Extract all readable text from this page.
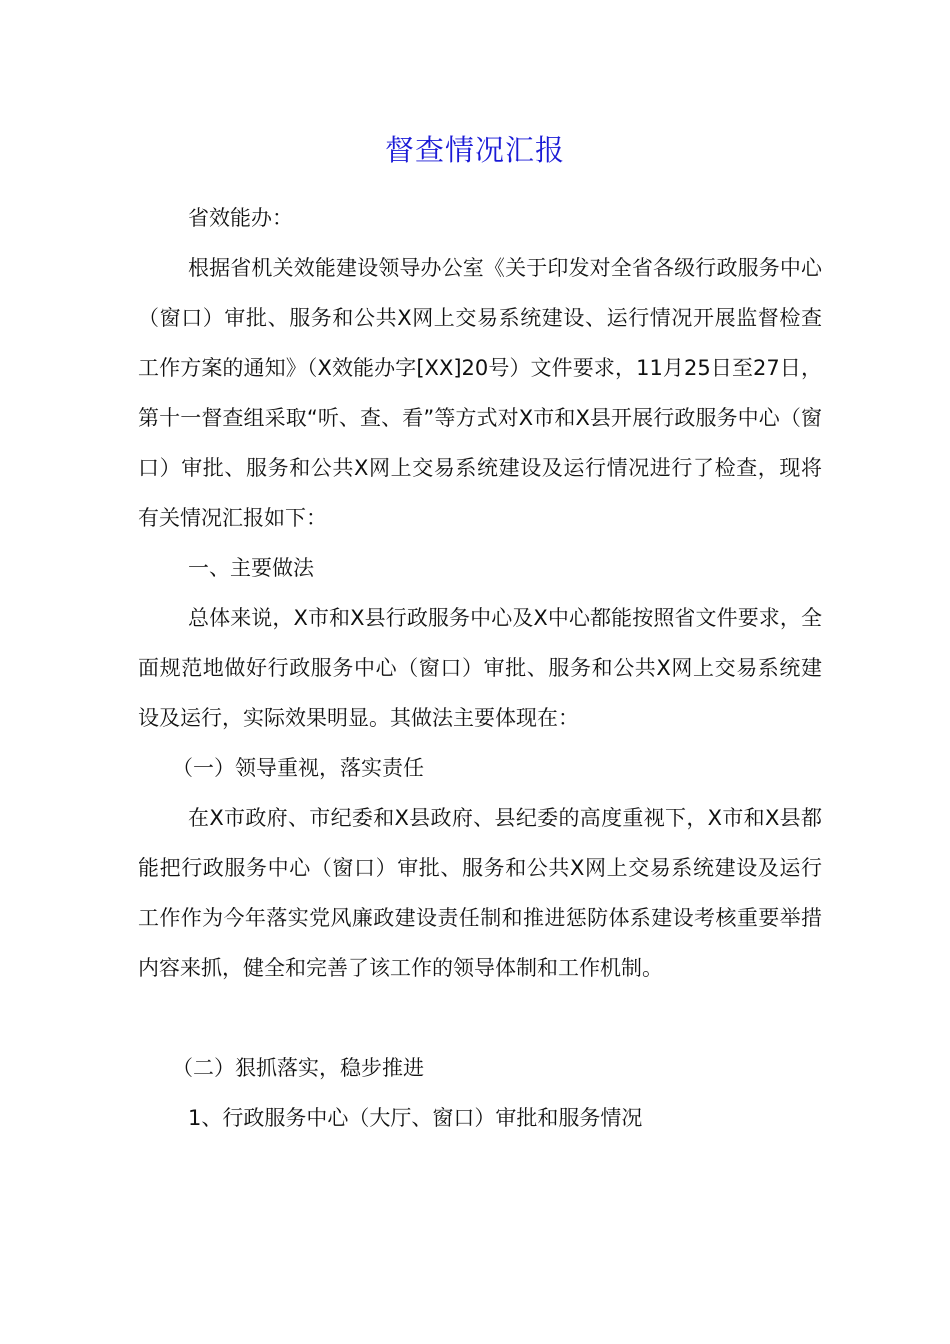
督查情况汇报

省效能办：

根据省机关效能建设领导办公室《关于印发对全省各级行政服务中心（窗口）审批、服务和公共X网上交易系统建设、运行情况开展监督检查工作方案的通知》（X效能办字[XX]20号）文件要求，11月25日至27日，第十一督查组采取“听、查、看”等方式对X市和X县开展行政服务中心（窗口）审批、服务和公共X网上交易系统建设及运行情况进行了检查，现将有关情况汇报如下：

一、主要做法

总体来说，X市和X县行政服务中心及X中心都能按照省文件要求，全面规范地做好行政服务中心（窗口）审批、服务和公共X网上交易系统建设及运行，实际效果明显。其做法主要体现在：

（一）领导重视，落实责任

在X市政府、市纪委和X县政府、县纪委的高度重视下，X市和X县都能把行政服务中心（窗口）审批、服务和公共X网上交易系统建设及运行工作作为今年落实党风廉政建设责任制和推进惩防体系建设考核重要举措内容来抓，健全和完善了该工作的领导体制和工作机制。

（二）狠抓落实，稳步推进

1、行政服务中心（大厅、窗口）审批和服务情况
